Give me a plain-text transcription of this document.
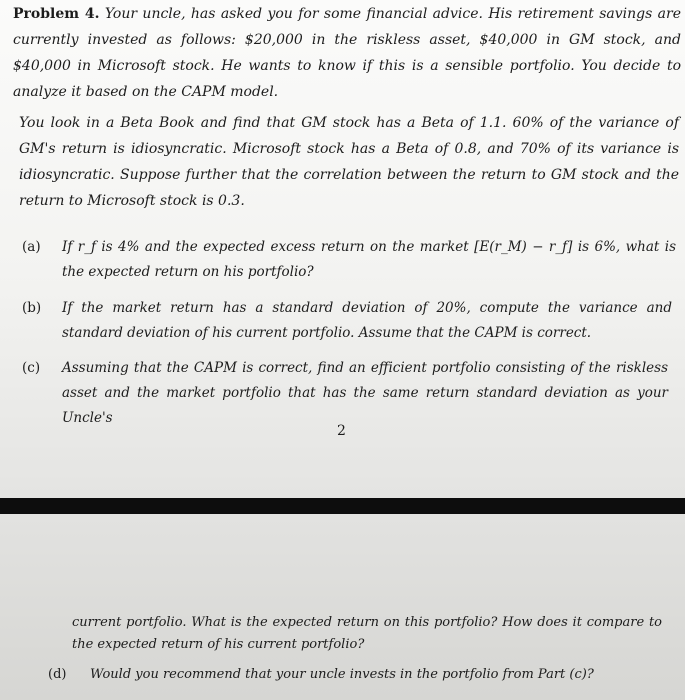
Problem 4. Your uncle, has asked you for some financial advice. His retirement savings are currently invested as follows: $20,000 in the riskless asset, $40,000 in GM stock, and $40,000 in Microsoft stock. He wants to know if this is a sensible portfolio. You decide to analyze it based on the CAPM model.

You look in a Beta Book and find that GM stock has a Beta of 1.1. 60% of the variance of GM's return is idiosyncratic. Microsoft stock has a Beta of 0.8, and 70% of its variance is idiosyncratic. Suppose further that the correlation between the return to GM stock and the return to Microsoft stock is 0.3.

(a) If r_f is 4% and the expected excess return on the market [E(r_M) − r_f] is 6%, what is the expected return on his portfolio?
(b) If the market return has a standard deviation of 20%, compute the variance and standard deviation of his current portfolio. Assume that the CAPM is correct.
(c) Assuming that the CAPM is correct, find an efficient portfolio consisting of the riskless asset and the market portfolio that has the same return standard deviation as your Uncle's
2
current portfolio. What is the expected return on this portfolio? How does it compare to the expected return of his current portfolio?
(d) Would you recommend that your uncle invests in the portfolio from Part (c)?
